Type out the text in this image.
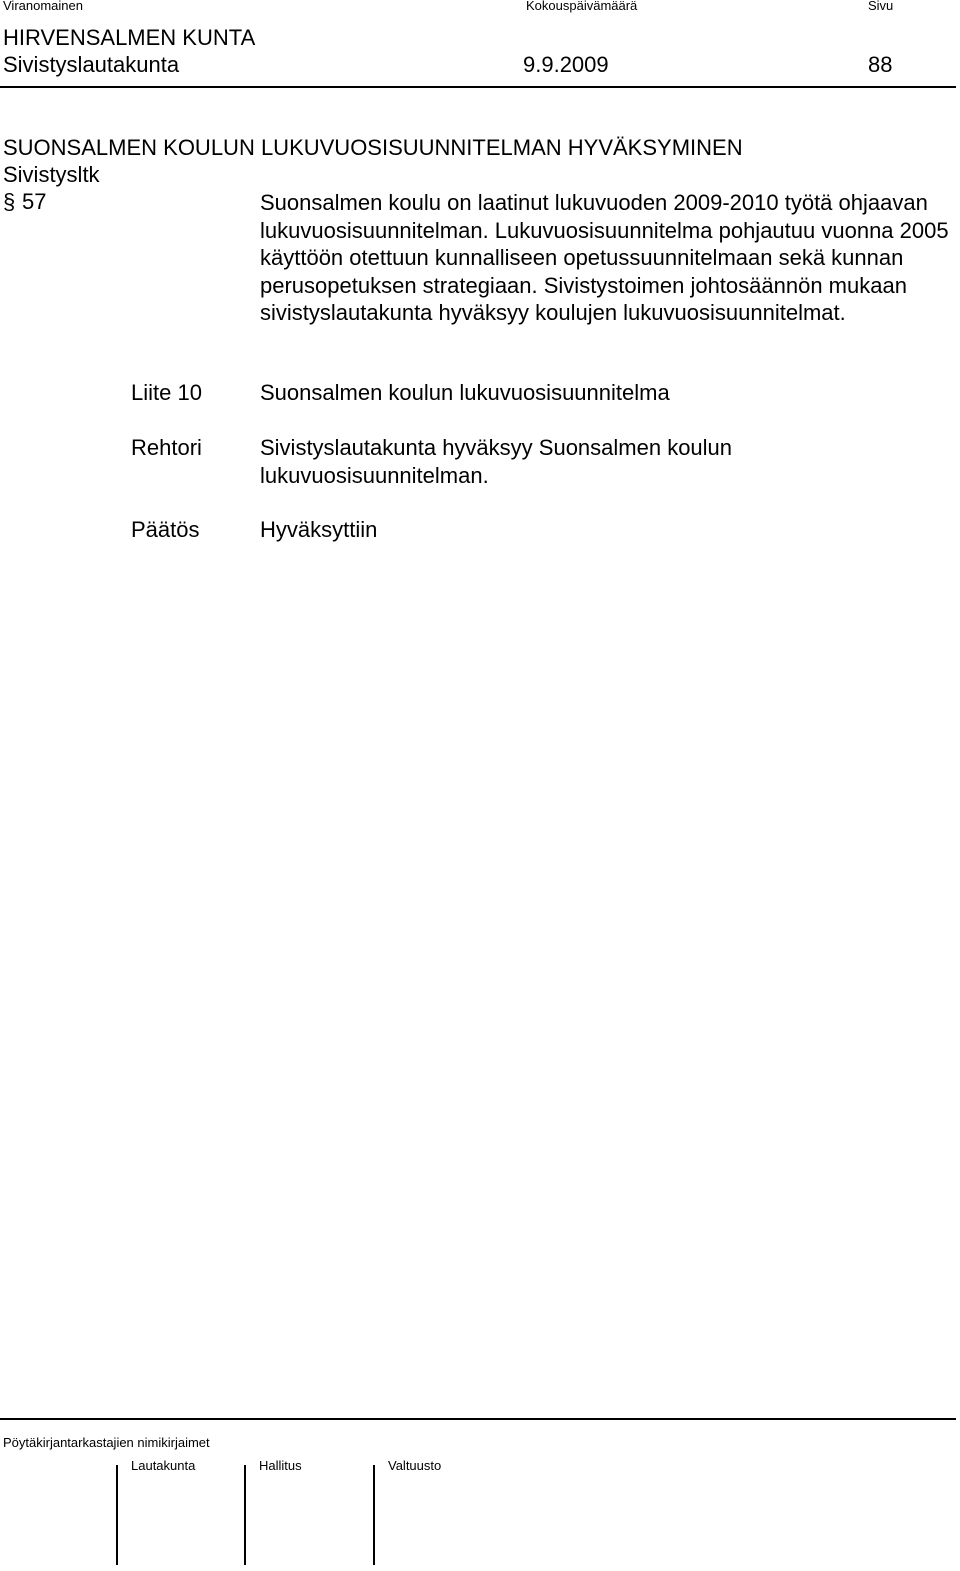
Viranomainen	Kokouspäivämäärä	Sivu
HIRVENSALMEN KUNTA
Sivistyslautakunta	9.9.2009	88
SUONSALMEN KOULUN LUKUVUOSISUUNNITELMAN HYVÄKSYMINEN
Sivistysltk
§ 57	Suonsalmen koulu on laatinut lukuvuoden 2009-2010 työtä ohjaavan lukuvuosisuunnitelman. Lukuvuosisuunnitelma pohjautuu vuonna 2005 käyttöön otettuun kunnalliseen opetussuunnitelmaan sekä kunnan perusopetuksen strategiaan. Sivistystoimen johtosäännön mukaan sivistyslautakunta hyväksyy koulujen lukuvuosisuunnitelmat.
Liite 10	Suonsalmen koulun lukuvuosisuunnitelma
Rehtori	Sivistyslautakunta hyväksyy Suonsalmen koulun lukuvuosisuunnitelman.
Päätös	Hyväksyttiin
Pöytäkirjantarkastajien nimikirjaimet
Lautakunta	Hallitus	Valtuusto
